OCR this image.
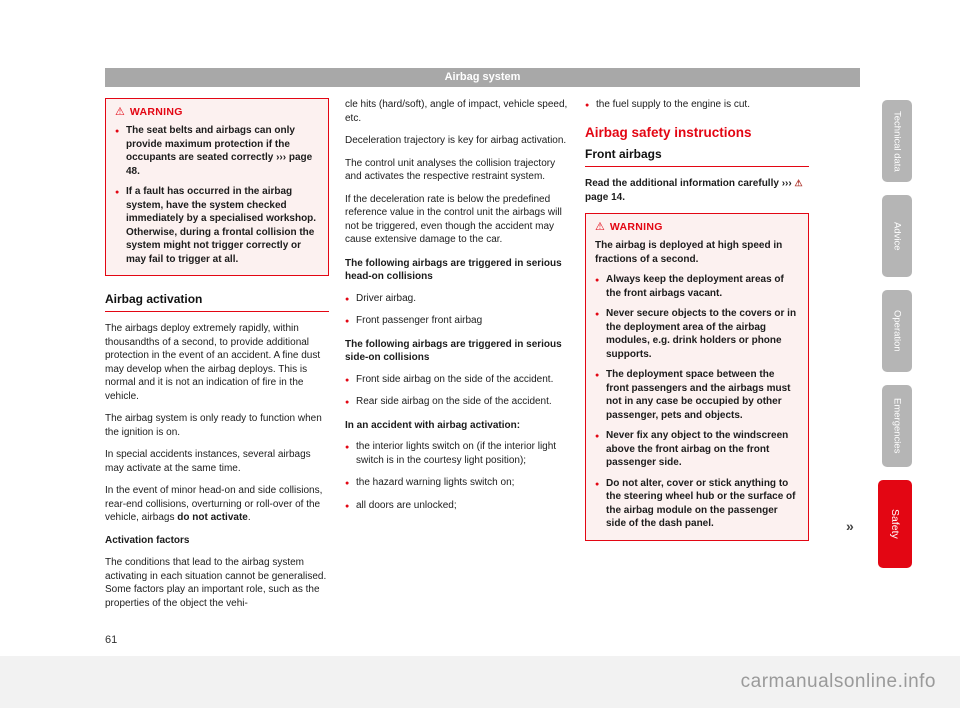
Airbag system
⚠ WARNING

● The seat belts and airbags can only provide maximum protection if the occupants are seated correctly ››› page 48.

● If a fault has occurred in the airbag system, have the system checked immediately by a specialised workshop. Otherwise, during a frontal collision the system might not trigger correctly or may fail to trigger at all.

Airbag activation

The airbags deploy extremely rapidly, within thousandths of a second, to provide additional protection in the event of an accident. A fine dust may develop when the airbag deploys. This is normal and it is not an indication of fire in the vehicle.

The airbag system is only ready to function when the ignition is on.

In special accidents instances, several airbags may activate at the same time.

In the event of minor head-on and side collisions, rear-end collisions, overturning or roll-over of the vehicle, airbags do not activate.

Activation factors

The conditions that lead to the airbag system activating in each situation cannot be generalised. Some factors play an important role, such as the properties of the object the vehi-

cle hits (hard/soft), angle of impact, vehicle speed, etc.

Deceleration trajectory is key for airbag activation.

The control unit analyses the collision trajectory and activates the respective restraint system.

If the deceleration rate is below the predefined reference value in the control unit the airbags will not be triggered, even though the accident may cause extensive damage to the car.

The following airbags are triggered in serious head-on collisions

● Driver airbag.

● Front passenger front airbag

The following airbags are triggered in serious side-on collisions

● Front side airbag on the side of the accident.

● Rear side airbag on the side of the accident.

In an accident with airbag activation:

● the interior lights switch on (if the interior light switch is in the courtesy light position);

● the hazard warning lights switch on;

● all doors are unlocked;

● the fuel supply to the engine is cut.

Airbag safety instructions

Front airbags

Read the additional information carefully ››› ⚠ page 14.

⚠ WARNING

The airbag is deployed at high speed in fractions of a second.

● Always keep the deployment areas of the front airbags vacant.

● Never secure objects to the covers or in the deployment area of the airbag modules, e.g. drink holders or phone supports.

● The deployment space between the front passengers and the airbags must not in any case be occupied by other passenger, pets and objects.

● Never fix any object to the windscreen above the front airbag on the front passenger side.

● Do not alter, cover or stick anything to the steering wheel hub or the surface of the airbag module on the passenger side of the dash panel.

Technical data
Advice
Operation
Emergencies
Safety
»
61
carmanualsonline.info
